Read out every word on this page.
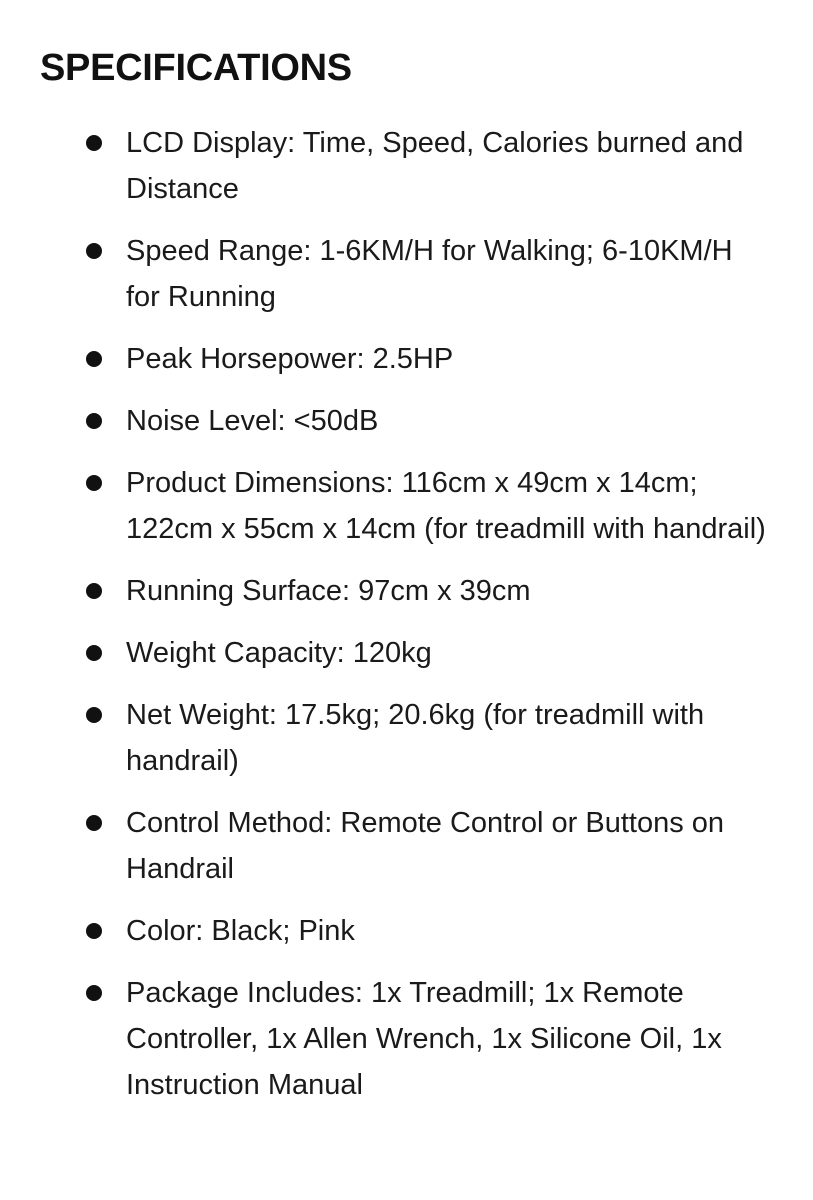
SPECIFICATIONS
LCD Display: Time, Speed, Calories burned and Distance
Speed Range: 1-6KM/H for Walking; 6-10KM/H for Running
Peak Horsepower: 2.5HP
Noise Level: <50dB
Product Dimensions: 116cm x 49cm x 14cm; 122cm x 55cm x 14cm (for treadmill with handrail)
Running Surface: 97cm x 39cm
Weight Capacity: 120kg
Net Weight: 17.5kg; 20.6kg (for treadmill with handrail)
Control Method: Remote Control or Buttons on Handrail
Color: Black; Pink
Package Includes: 1x Treadmill; 1x Remote Controller, 1x Allen Wrench, 1x Silicone Oil, 1x Instruction Manual
